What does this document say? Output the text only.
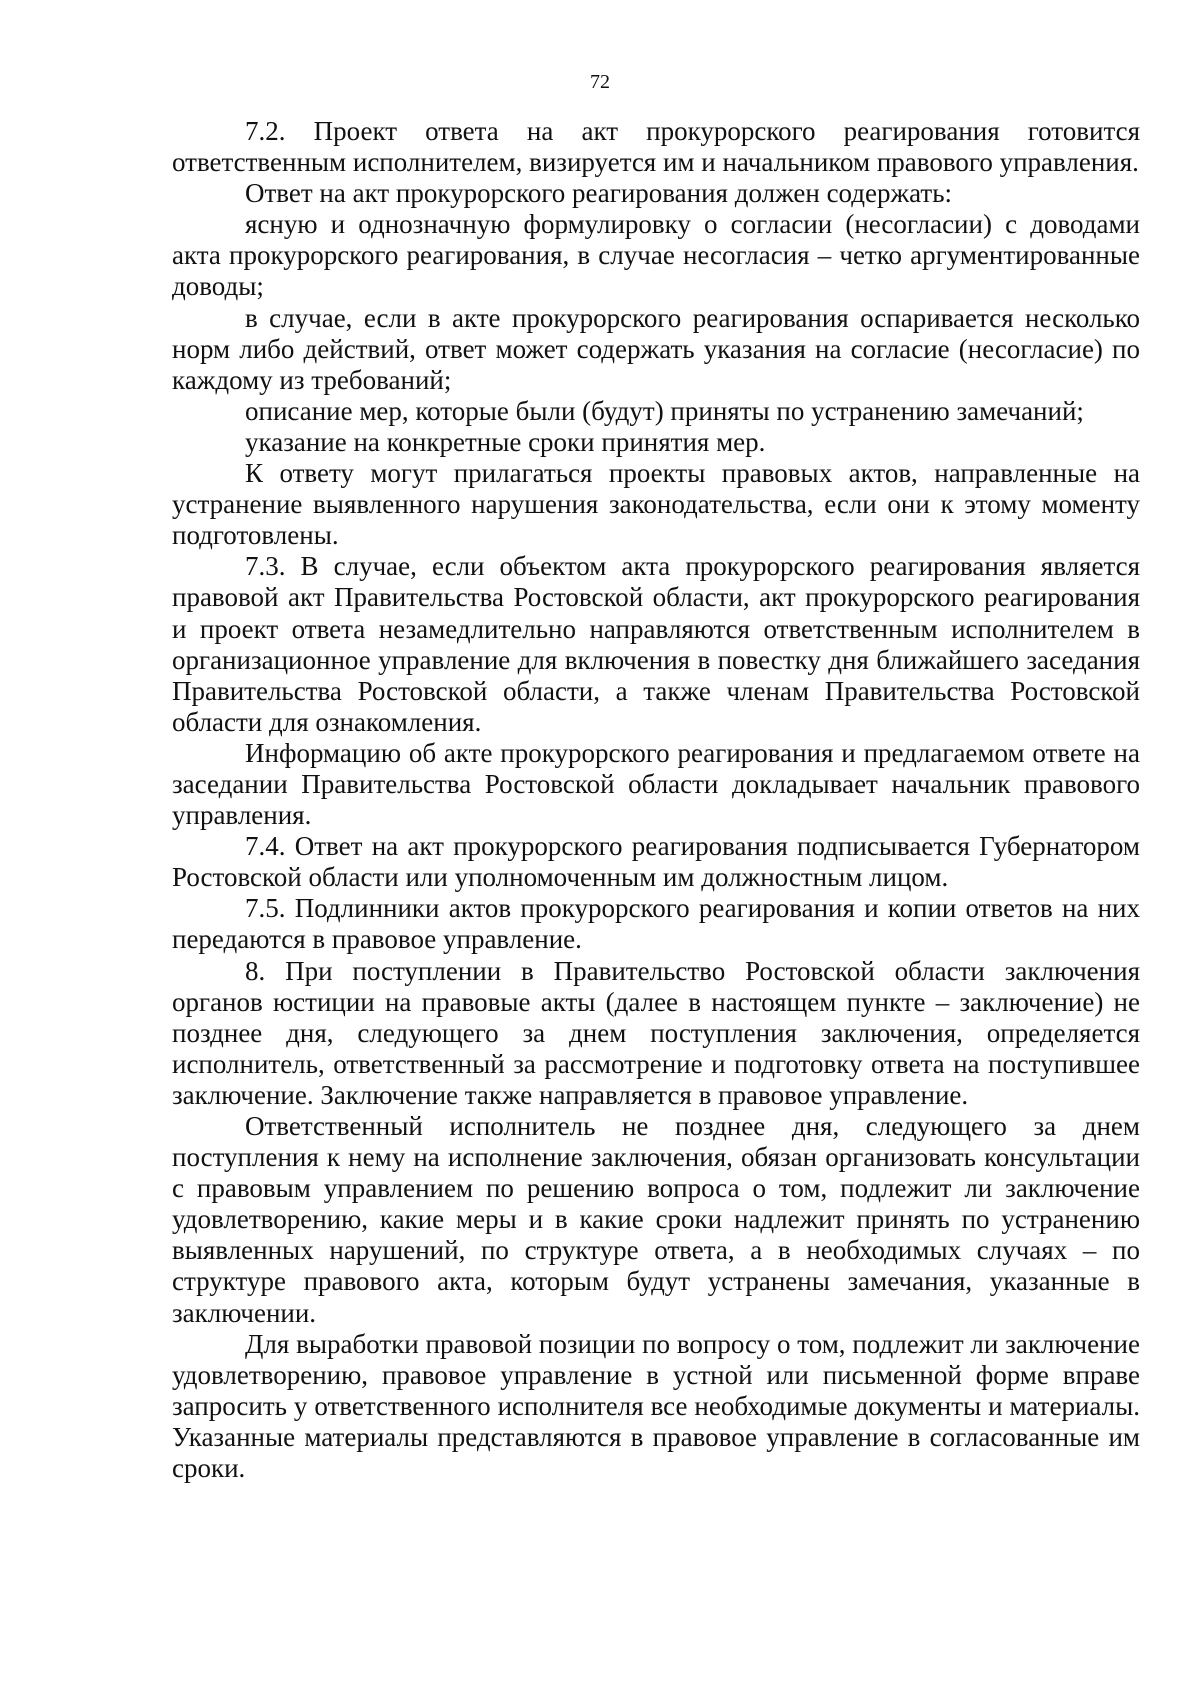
72

7.2. Проект ответа на акт прокурорского реагирования готовится ответственным исполнителем, визируется им и начальником правового управления.

Ответ на акт прокурорского реагирования должен содержать:

ясную и однозначную формулировку о согласии (несогласии) с доводами акта прокурорского реагирования, в случае несогласия – четко аргументированные доводы;

в случае, если в акте прокурорского реагирования оспаривается несколько норм либо действий, ответ может содержать указания на согласие (несогласие) по каждому из требований;

описание мер, которые были (будут) приняты по устранению замечаний;

указание на конкретные сроки принятия мер.

К ответу могут прилагаться проекты правовых актов, направленные на устранение выявленного нарушения законодательства, если они к этому моменту подготовлены.

7.3. В случае, если объектом акта прокурорского реагирования является правовой акт Правительства Ростовской области, акт прокурорского реагирования и проект ответа незамедлительно направляются ответственным исполнителем в организационное управление для включения в повестку дня ближайшего заседания Правительства Ростовской области, а также членам Правительства Ростовской области для ознакомления.

Информацию об акте прокурорского реагирования и предлагаемом ответе на заседании Правительства Ростовской области докладывает начальник правового управления.

7.4. Ответ на акт прокурорского реагирования подписывается Губернатором Ростовской области или уполномоченным им должностным лицом.

7.5. Подлинники актов прокурорского реагирования и копии ответов на них передаются в правовое управление.

8. При поступлении в Правительство Ростовской области заключения органов юстиции на правовые акты (далее в настоящем пункте – заключение) не позднее дня, следующего за днем поступления заключения, определяется исполнитель, ответственный за рассмотрение и подготовку ответа на поступившее заключение. Заключение также направляется в правовое управление.

Ответственный исполнитель не позднее дня, следующего за днем поступления к нему на исполнение заключения, обязан организовать консультации с правовым управлением по решению вопроса о том, подлежит ли заключение удовлетворению, какие меры и в какие сроки надлежит принять по устранению выявленных нарушений, по структуре ответа, а в необходимых случаях – по структуре правового акта, которым будут устранены замечания, указанные в заключении.

Для выработки правовой позиции по вопросу о том, подлежит ли заключение удовлетворению, правовое управление в устной или письменной форме вправе запросить у ответственного исполнителя все необходимые документы и материалы. Указанные материалы представляются в правовое управление в согласованные им сроки.
